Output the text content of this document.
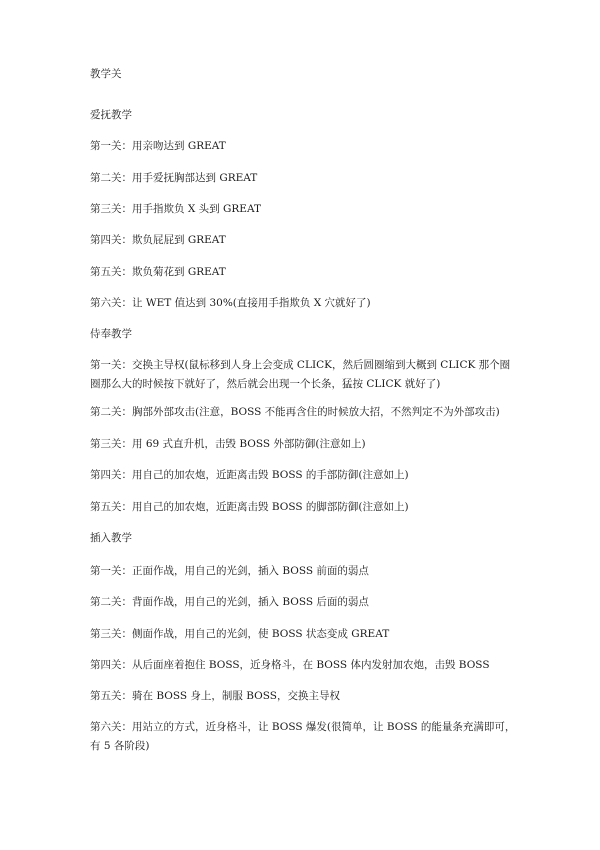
教学关
爱抚教学
第一关：用亲吻达到 GREAT
第二关：用手爱抚胸部达到 GREAT
第三关：用手指欺负 X 头到 GREAT
第四关：欺负屁屁到 GREAT
第五关：欺负菊花到 GREAT
第六关：让 WET 值达到 30%(直接用手指欺负 X 穴就好了)
侍奉教学
第一关：交换主导权(鼠标移到人身上会变成 CLICK，然后圆圈缩到大概到 CLICK 那个圈圈那么大的时候按下就好了，然后就会出现一个长条，猛按 CLICK 就好了)
第二关：胸部外部攻击(注意，BOSS 不能再含住的时候放大招，不然判定不为外部攻击)
第三关：用 69 式直升机，击毁 BOSS 外部防御(注意如上)
第四关：用自己的加农炮，近距离击毁 BOSS 的手部防御(注意如上)
第五关：用自己的加农炮，近距离击毁 BOSS 的脚部防御(注意如上)
插入教学
第一关：正面作战，用自己的光剑，插入 BOSS 前面的弱点
第二关：背面作战，用自己的光剑，插入 BOSS 后面的弱点
第三关：侧面作战，用自己的光剑，使 BOSS 状态变成 GREAT
第四关：从后面座着抱住 BOSS，近身格斗，在 BOSS 体内发射加农炮，击毁 BOSS
第五关：骑在 BOSS 身上，制服 BOSS，交换主导权
第六关：用站立的方式，近身格斗，让 BOSS 爆发(很简单，让 BOSS 的能量条充满即可，有 5 各阶段)
